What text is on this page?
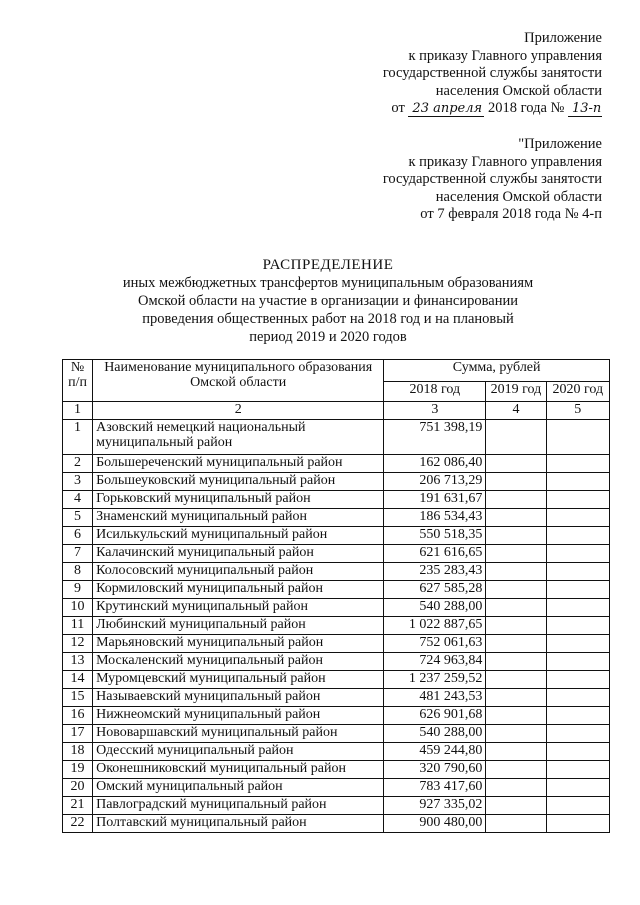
Приложение
к приказу Главного управления
государственной службы занятости
населения Омской области
от 23 апреля 2018 года № 13-п
"Приложение
к приказу Главного управления
государственной службы занятости
населения Омской области
от 7 февраля 2018 года № 4-п
РАСПРЕДЕЛЕНИЕ
иных межбюджетных трансфертов муниципальным образованиям
Омской области на участие в организации и финансировании
проведения общественных работ на 2018 год и на плановый
период 2019 и 2020 годов
№ п/п	Наименование муниципального образования Омской области	Сумма, рублей		
		2018 год	2019 год	2020 год
1	2	3	4	5
1	Азовский немецкий национальный муниципальный район	751 398,19		
2	Большереченский муниципальный район	162 086,40		
3	Большеуковский муниципальный район	206 713,29		
4	Горьковский муниципальный район	191 631,67		
5	Знаменский муниципальный район	186 534,43		
6	Исилькульский муниципальный район	550 518,35		
7	Калачинский муниципальный район	621 616,65		
8	Колосовский муниципальный район	235 283,43		
9	Кормиловский муниципальный район	627 585,28		
10	Крутинский муниципальный район	540 288,00		
11	Любинский муниципальный район	1 022 887,65		
12	Марьяновский муниципальный район	752 061,63		
13	Москаленский муниципальный район	724 963,84		
14	Муромцевский муниципальный район	1 237 259,52		
15	Называевский муниципальный район	481 243,53		
16	Нижнеомский муниципальный район	626 901,68		
17	Нововаршавский муниципальный район	540 288,00		
18	Одесский муниципальный район	459 244,80		
19	Оконешниковский муниципальный район	320 790,60		
20	Омский муниципальный район	783 417,60		
21	Павлоградский муниципальный район	927 335,02		
22	Полтавский муниципальный район	900 480,00		
